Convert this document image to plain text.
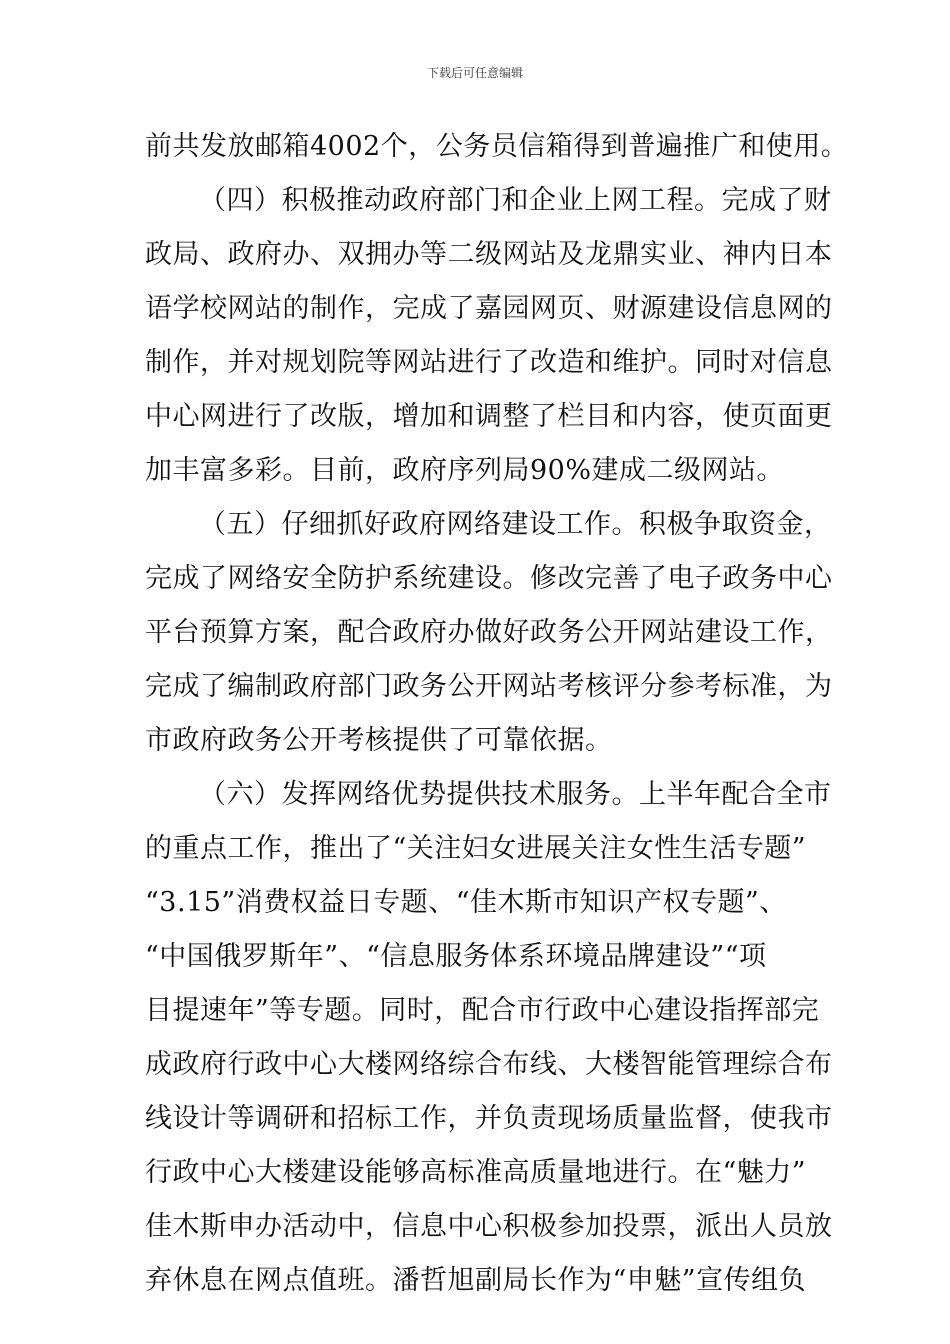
下载后可任意编辑
前共发放邮箱4002个，公务员信箱得到普遍推广和使用。
（四）积极推动政府部门和企业上网工程。完成了财
政局、政府办、双拥办等二级网站及龙鼎实业、神内日本
语学校网站的制作，完成了嘉园网页、财源建设信息网的
制作，并对规划院等网站进行了改造和维护。同时对信息
中心网进行了改版，增加和调整了栏目和内容，使页面更
加丰富多彩。目前，政府序列局90%建成二级网站。
（五）仔细抓好政府网络建设工作。积极争取资金，
完成了网络安全防护系统建设。修改完善了电子政务中心
平台预算方案，配合政府办做好政务公开网站建设工作，
完成了编制政府部门政务公开网站考核评分参考标准，为
市政府政务公开考核提供了可靠依据。
（六）发挥网络优势提供技术服务。上半年配合全市
的重点工作，推出了“关注妇女进展关注女性生活专题”
“3.15”消费权益日专题、“佳木斯市知识产权专题”、
“中国俄罗斯年”、“信息服务体系环境品牌建设”“项
目提速年”等专题。同时，配合市行政中心建设指挥部完
成政府行政中心大楼网络综合布线、大楼智能管理综合布
线设计等调研和招标工作，并负责现场质量监督，使我市
行政中心大楼建设能够高标准高质量地进行。在“魅力”
佳木斯申办活动中，信息中心积极参加投票，派出人员放
弃休息在网点值班。潘哲旭副局长作为“申魅”宣传组负
